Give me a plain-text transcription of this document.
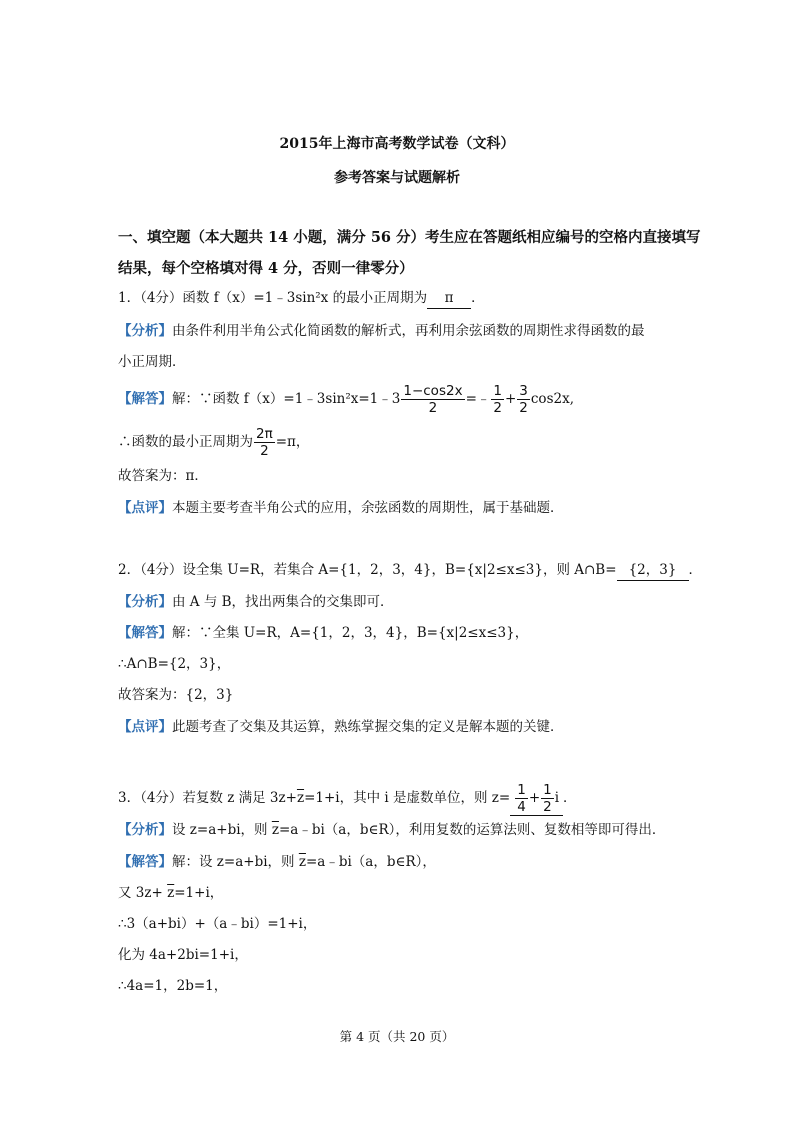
2015年上海市高考数学试卷（文科）
参考答案与试题解析
一、填空题（本大题共 14 小题，满分 56 分）考生应在答题纸相应编号的空格内直接填写
结果，每个空格填对得 4 分，否则一律零分）
1．（4分）函数 f（x）=1﹣3sin²x 的最小正周期为 π ．
【分析】由条件利用半角公式化简函数的解析式，再利用余弦函数的周期性求得函数的最
小正周期．
【解答】解：∵函数 f（x）=1﹣3sin²x=1﹣3 $\frac{1-\cos 2x}{2}$ =﹣ $\frac{1}{2} + \frac{3}{2} \cos 2x$,
∴函数的最小正周期为 $\frac{2\pi}{2} =\pi$，
故答案为：π．
【点评】本题主要考查半角公式的应用，余弦函数的周期性，属于基础题．
2．（4分）设全集 U=R，若集合 A={1，2，3，4}，B={x|2≤x≤3}，则 A∩B= {2，3} ．
【分析】由 A 与 B，找出两集合的交集即可．
【解答】解：∵全集 U=R，A={1，2，3，4}，B={x|2≤x≤3}，
∴A∩B={2，3}，
故答案为：{2，3}
【点评】此题考查了交集及其运算，熟练掌握交集的定义是解本题的关键．
3．（4分）若复数 z 满足 $3z+\overline{z}=1+i$，其中 i 是虚数单位，则 $z= \frac{1}{4} + \frac{1}{2}$ i ．
【分析】设 z=a+bi，则 $\overline{z}=a﹣bi(a$，b∈R），利用复数的运算法则、复数相等即可得出．
【解答】解：设 z=a+bi，则 $\overline{z}=a﹣bi(a$，b∈R），
又 $3z+ \overline{z}=1+i$，
∴3（a+bi）+（a﹣bi）=1+i，
化为 4a+2bi=1+i，
∴4a=1，2b=1，
第 4 页（共 20 页）
